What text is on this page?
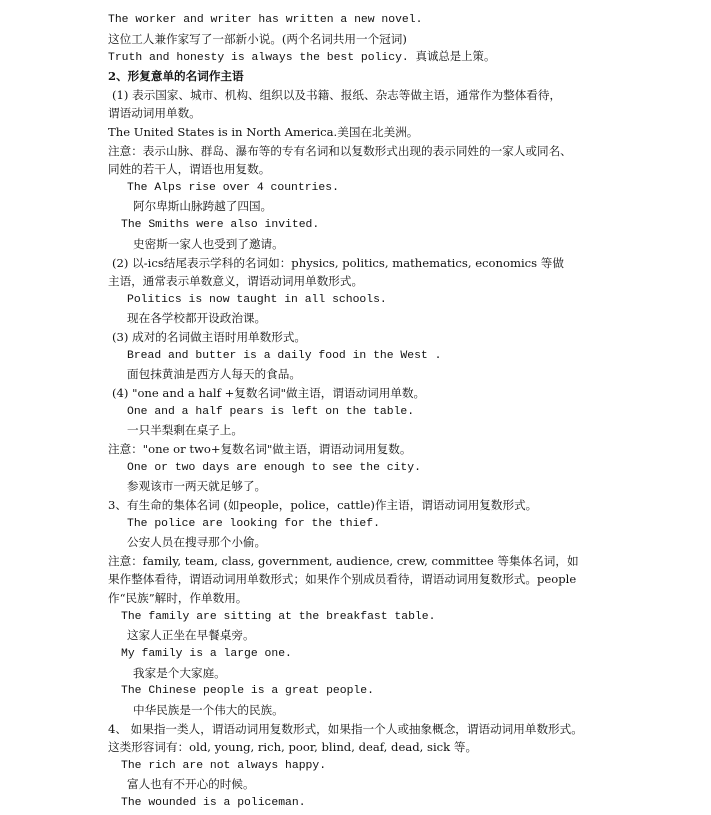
The worker and writer has written a new novel.
这位工人兼作家写了一部新小说。(两个名词共用一个冠词)
Truth and honesty is always the best policy. 真诚总是上策。
2、形复意单的名词作主语
(1) 表示国家、城市、机构、组织以及书籍、报纸、杂志等做主语，通常作为整体看待，
谓语动词用单数。
The United States is in North America.美国在北美洲。
注意：表示山脉、群岛、瀑布等的专有名词和以复数形式出现的表示同姓的一家人或同名、
同姓的若干人，谓语也用复数。
The Alps rise over 4 countries.
阿尔卑斯山脉跨越了四国。
The Smiths were also invited.
史密斯一家人也受到了邀请。
(2) 以-ics结尾表示学科的名词如：physics, politics, mathematics, economics 等做
主语，通常表示单数意义，谓语动词用单数形式。
Politics is now taught in all schools.
现在各学校都开设政治课。
(3) 成对的名词做主语时用单数形式。
Bread and butter is a daily food in the West .
面包抹黄油是西方人每天的食品。
(4) "one and a half +复数名词"做主语，谓语动词用单数。
One and a half pears is left on the table.
一只半梨剩在桌子上。
注意："one or two+复数名词"做主语，谓语动词用复数。
One or two days are enough to see the city.
参观该市一两天就足够了。
3、有生命的集体名词 (如people，police，cattle)作主语，谓语动词用复数形式。
The police are looking for the thief.
公安人员在搜寻那个小偷。
注意：family, team, class, government, audience, crew, committee 等集体名词，如
果作整体看待，谓语动词用单数形式；如果作个别成员看待，谓语动词用复数形式。people
作“民族”解时，作单数用。
The family are sitting at the breakfast table.
这家人正坐在早餐桌旁。
My family is a large one.
我家是个大家庭。
The Chinese people is a great people.
中华民族是一个伟大的民族。
4、 如果指一类人，谓语动词用复数形式，如果指一个人或抽象概念，谓语动词用单数形式。
这类形容词有：old, young, rich, poor, blind, deaf, dead, sick 等。
The rich are not always happy.
富人也有不开心的时候。
The wounded is a policeman.
